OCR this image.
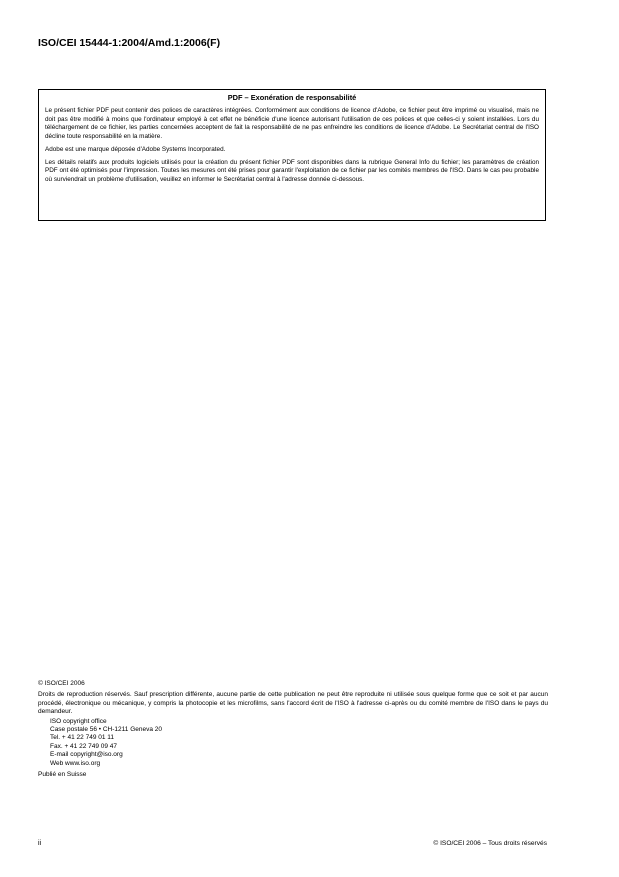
ISO/CEI 15444-1:2004/Amd.1:2006(F)
PDF – Exonération de responsabilité

Le présent fichier PDF peut contenir des polices de caractères intégrées. Conformément aux conditions de licence d'Adobe, ce fichier peut être imprimé ou visualisé, mais ne doit pas être modifié à moins que l'ordinateur employé à cet effet ne bénéficie d'une licence autorisant l'utilisation de ces polices et que celles-ci y soient installées. Lors du téléchargement de ce fichier, les parties concernées acceptent de fait la responsabilité de ne pas enfreindre les conditions de licence d'Adobe. Le Secrétariat central de l'ISO décline toute responsabilité en la matière.

Adobe est une marque déposée d'Adobe Systems Incorporated.

Les détails relatifs aux produits logiciels utilisés pour la création du présent fichier PDF sont disponibles dans la rubrique General Info du fichier; les paramètres de création PDF ont été optimisés pour l'impression. Toutes les mesures ont été prises pour garantir l'exploitation de ce fichier par les comités membres de l'ISO. Dans le cas peu probable où surviendrait un problème d'utilisation, veuillez en informer le Secrétariat central à l'adresse donnée ci-dessous.

© ISO/CEI 2006
Droits de reproduction réservés. Sauf prescription différente, aucune partie de cette publication ne peut être reproduite ni utilisée sous quelque forme que ce soit et par aucun procédé, électronique ou mécanique, y compris la photocopie et les microfilms, sans l'accord écrit de l'ISO à l'adresse ci-après ou du comité membre de l'ISO dans le pays du demandeur.
ISO copyright office
Case postale 56 • CH-1211 Geneva 20
Tel. + 41 22 749 01 11
Fax. + 41 22 749 09 47
E-mail copyright@iso.org
Web www.iso.org
Publié en Suisse
ii	© ISO/CEI 2006 – Tous droits réservés
